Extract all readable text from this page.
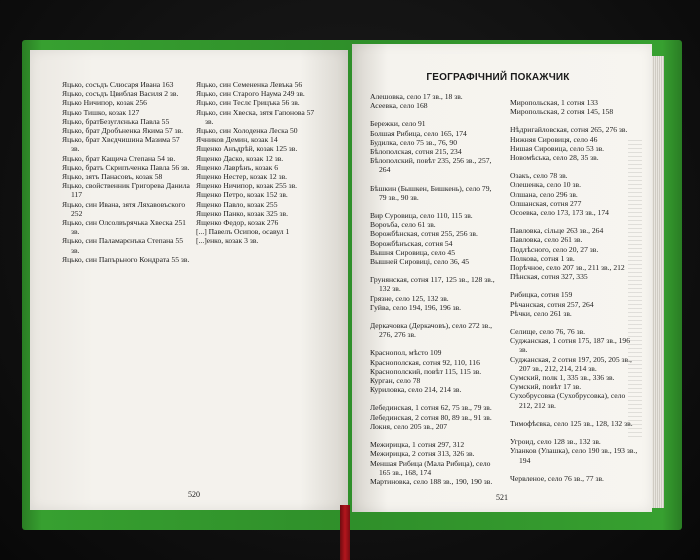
Яцько, сосъдъ Слюсаря Ивана 163
Яцько, сосъдъ Цвиблая Василя 2 зв.
Яцько Ничипор, козак 256
Яцько Тишко, козак 127
Яцько, братБезуглєнька Павла 55
Яцько, брат Дробъненка Якима 57 зв.
Яцько, брат Хвєдчишина Мазима 57 зв.
Яцько, брат Кащича Степана 54 зв.
Яцько, братъ Скрипъченка Павла 56 зв.
Яцько, зятъ Панасовъ, козак 58
Яцько, свойственник Григорева Данила 117
Яцько, син Ивана, зятя Ляхавовъского 252
Яцько, син Олсолвърячька Хвеска 251 зв.
Яцько, син Паламарєнъка Степана 55 зв.
Яцько, син Папърьного Кондрата 55 зв.
Яцько, син Семененка Левъка 56
Яцько, син Старого Наума 249 зв.
Яцько, син Теслє Грицъка 56 зв.
Яцько, син Хвеска, зятя Гапонова 57 зв.
Яцько, син Холоденка Леска 50
Ячников Демин, козак 14
Ященко Анъдрѣй, козак 125 зв.
Ященко Даско, козак 12 зв.
Ященко Лаврѣнъ, козак 6
Ященко Нестер, козак 12 зв.
Ященко Ничипор, козак 255 зв.
Ященко Петро, козак 152 зв.
Ященко Павло, козак 255
Ященко Панко, козак 325 зв.
Ященко Федор, козак 276
[...] Павелъ Осипов, осавул 1
[...]енко, козак 3 зв.
520
ГЕОГРАФІЧНИЙ ПОКАЖЧИК
Алешовка, село 17 зв., 18 зв.
Асеевка, село 168
Бережки, село 91
Болшая Рибица, село 165, 174
Будилка, село 75 зв., 76, 90
Бѣлополская, сотня 215, 234
Бѣлополский, повѣт 235, 256 зв., 257, 264
Бѣшкин (Бышкен, Бишкень), село 79, 79 зв., 90 зв.
Вир Суровица, село 110, 115 зв.
Вороъба, село 61 зв.
Ворожбѣнская, сотня 255, 256 зв.
Ворожбѣнъская, сотня 54
Вышня Сировица, село 45
Вышней Сировиці, село 36, 45
Грунянская, сотня 117, 125 зв., 128 зв., 132 зв.
Грязне, село 125, 132 зв.
Гуйва, село 194, 196, 196 зв.
Деркачовка (Деркачовъ), село 272 зв., 276, 276 зв.
Краснопол, мѣсто 109
Краснополская, сотня 92, 110, 116
Краснополский, повѣт 115, 115 зв.
Курган, село 78
Куриловка, село 214, 214 зв.
Лебединская, 1 сотня 62, 75 зв., 79 зв.
Лебединская, 2 сотня 80, 89 зв., 91 зв.
Локня, село 205 зв., 207
Межирицка, 1 сотня 297, 312
Межирицка, 2 сотня 313, 326 зв.
Меншая Рибица (Мала Рибица), село 165 зв., 168, 174
Мартиновка, село 188 зв., 190, 190 зв.
Миропольская, 1 сотня 133
Миропольская, 2 сотня 145, 158
Нѣдригайловская, сотня 265, 276 зв.
Нижняя Сировиця, село 46
Нишая Сировица, село 53 зв.
Новомѣська, село 28, 35 зв.
Озакъ, село 78 зв.
Олешенка, село 10 зв.
Олшана, село 296 зв.
Олшанская, сотня 277
Осоевка, село 173, 173 зв., 174
Павловка, сільце 263 зв., 264
Павловка, село 261 зв.
Подлѣсного, село 20, 27 зв.
Полкова, сотня 1 зв.
Порѣчное, село 207 зв., 211 зв., 212
Пѣнская, сотня 327, 335
Рибицка, сотня 159
Рѣчанская, сотня 257, 264
Рѣчки, село 261 зв.
Селище, село 76, 76 зв.
Суджанская, 1 сотня 175, 187 зв., 196 зв.
Суджанская, 2 сотня 197, 205, 205 зв., 207 зв., 212, 214, 214 зв.
Сумский, полк 1, 335 зв., 336 зв.
Сумский, повѣт 17 зв.
Сухобрусовка (Сухобрусовка), село 212, 212 зв.
Тимофѣєвка, село 125 зв., 128, 132 зв.
Угроид, село 128 зв., 132 зв.
Уланков (Улашка), село 190 зв., 193 зв., 194
Червленое, село 76 зв., 77 зв.
521
